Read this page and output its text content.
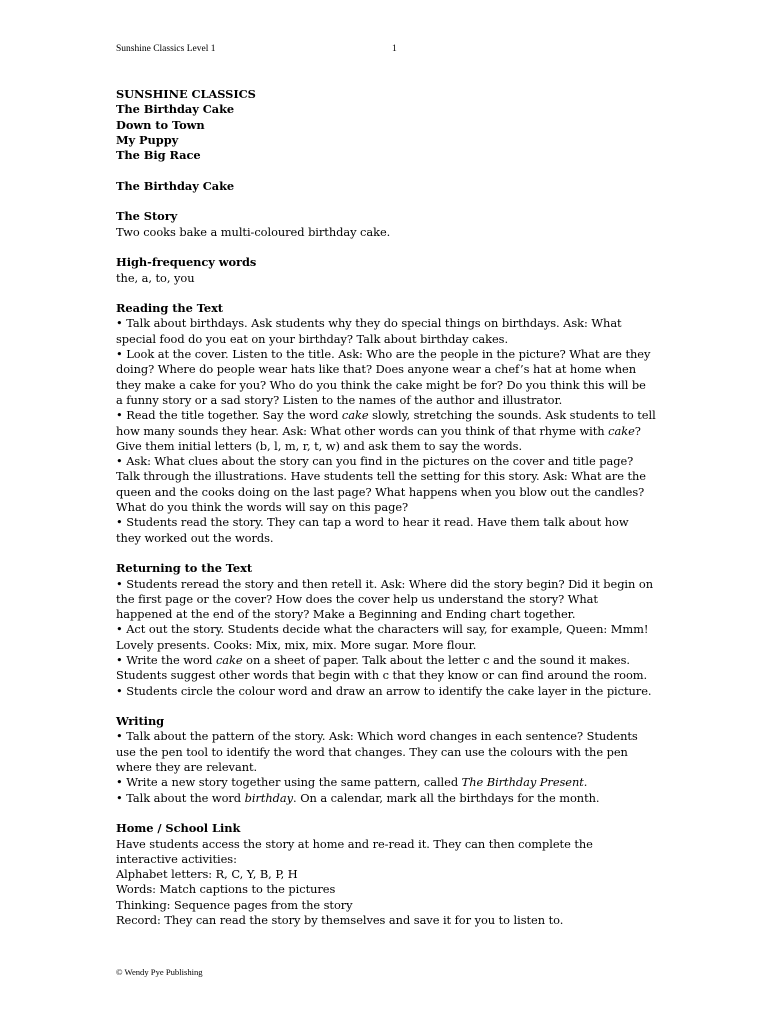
Sunshine Classics Level 1	1
SUNSHINE CLASSICS
The Birthday Cake
Down to Town
My Puppy
The Big Race
The Birthday Cake
The Story
Two cooks bake a multi-coloured birthday cake.
High-frequency words
the, a, to, you
Reading the Text
• Talk about birthdays. Ask students why they do special things on birthdays. Ask: What special food do you eat on your birthday? Talk about birthday cakes.
• Look at the cover. Listen to the title. Ask: Who are the people in the picture? What are they doing? Where do people wear hats like that? Does anyone wear a chef’s hat at home when they make a cake for you? Who do you think the cake might be for? Do you think this will be a funny story or a sad story? Listen to the names of the author and illustrator.
• Read the title together. Say the word cake slowly, stretching the sounds. Ask students to tell how many sounds they hear. Ask: What other words can you think of that rhyme with cake? Give them initial letters (b, l, m, r, t, w) and ask them to say the words.
• Ask: What clues about the story can you find in the pictures on the cover and title page? Talk through the illustrations. Have students tell the setting for this story. Ask: What are the queen and the cooks doing on the last page? What happens when you blow out the candles? What do you think the words will say on this page?
• Students read the story. They can tap a word to hear it read. Have them talk about how they worked out the words.
Returning to the Text
• Students reread the story and then retell it. Ask: Where did the story begin? Did it begin on the first page or the cover? How does the cover help us understand the story? What happened at the end of the story? Make a Beginning and Ending chart together.
• Act out the story. Students decide what the characters will say, for example, Queen: Mmm! Lovely presents. Cooks: Mix, mix, mix. More sugar. More flour.
• Write the word cake on a sheet of paper. Talk about the letter c and the sound it makes. Students suggest other words that begin with c that they know or can find around the room.
• Students circle the colour word and draw an arrow to identify the cake layer in the picture.
Writing
• Talk about the pattern of the story. Ask: Which word changes in each sentence? Students use the pen tool to identify the word that changes. They can use the colours with the pen where they are relevant.
• Write a new story together using the same pattern, called The Birthday Present.
• Talk about the word birthday. On a calendar, mark all the birthdays for the month.
Home / School Link
Have students access the story at home and re-read it. They can then complete the interactive activities:
Alphabet letters: R, C, Y, B, P, H
Words: Match captions to the pictures
Thinking: Sequence pages from the story
Record: They can read the story by themselves and save it for you to listen to.
© Wendy Pye Publishing
